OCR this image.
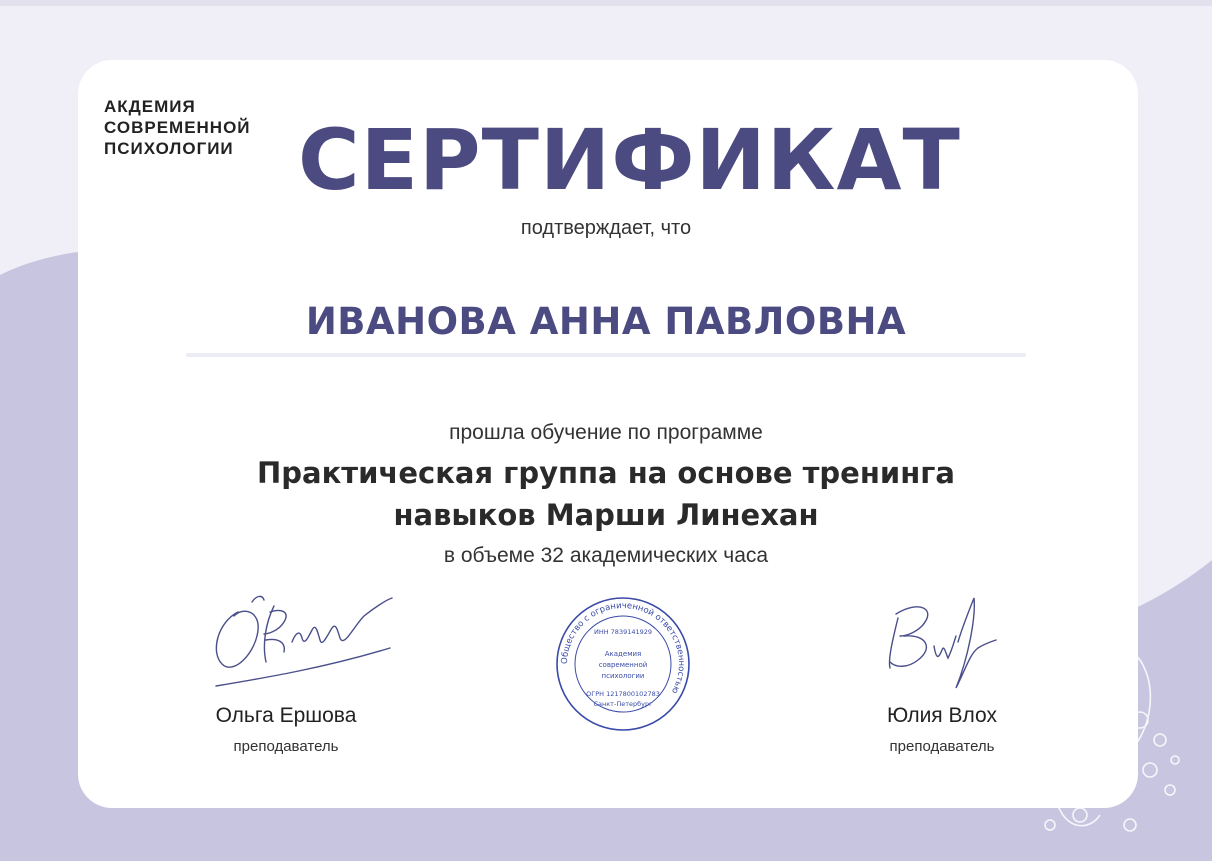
АКДЕМИЯ
СОВРЕМЕННОЙ
ПСИХОЛОГИИ СЕРТИФИКАТ
подтверждает, что
ИВАНОВА АННА ПАВЛОВНА
прошла обучение по программе
Практическая группа на основе тренинга
навыков Марши Линехан
в объеме 32 академических часа
Ольга Ершова
преподаватель
Юлия Влох
преподаватель
Общество с ограниченной ответственностью
ИНН 7839141929
Академия
современной
психологии
ОГРН 1217800102783
Санкт-Петербург
